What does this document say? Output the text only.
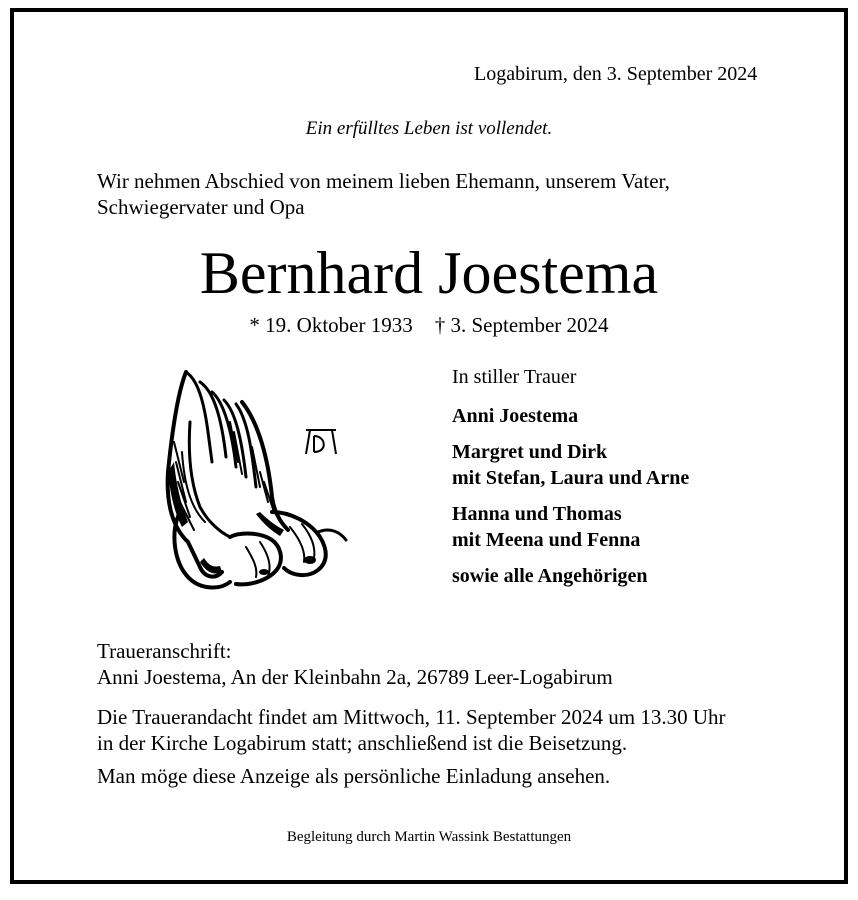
Logabirum, den 3. September 2024
Ein erfülltes Leben ist vollendet.
Wir nehmen Abschied von meinem lieben Ehemann, unserem Vater,
Schwiegervater und Opa
Bernhard Joestema
* 19. Oktober 1933 † 3. September 2024
In stiller Trauer
Anni Joestema
Margret und Dirk
mit Stefan, Laura und Arne
Hanna und Thomas
mit Meena und Fenna
sowie alle Angehörigen
Traueranschrift:
Anni Joestema, An der Kleinbahn 2a, 26789 Leer-Logabirum
Die Trauerandacht findet am Mittwoch, 11. September 2024 um 13.30 Uhr
in der Kirche Logabirum statt; anschließend ist die Beisetzung.
Man möge diese Anzeige als persönliche Einladung ansehen.
Begleitung durch Martin Wassink Bestattungen
